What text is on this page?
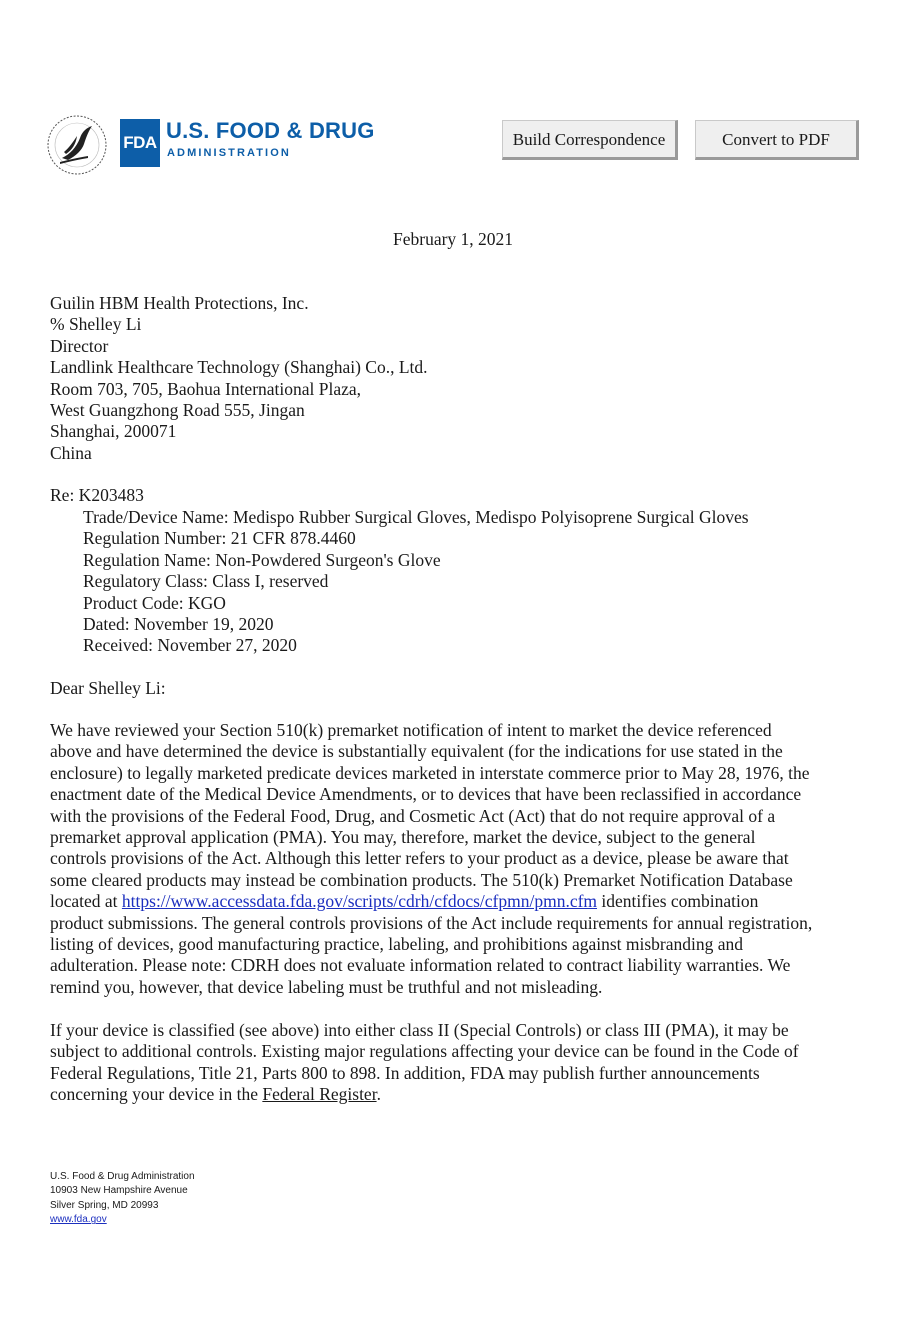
FDA U.S. FOOD & DRUG
ADMINISTRATION
Build Correspondence	Convert to PDF
February 1, 2021
Guilin HBM Health Protections, Inc.
% Shelley Li
Director
Landlink Healthcare Technology (Shanghai) Co., Ltd.
Room 703, 705, Baohua International Plaza,
West Guangzhong Road 555, Jingan
Shanghai, 200071
China
Re: K203483
Trade/Device Name: Medispo Rubber Surgical Gloves, Medispo Polyisoprene Surgical Gloves
Regulation Number: 21 CFR 878.4460
Regulation Name: Non-Powdered Surgeon's Glove
Regulatory Class: Class I, reserved
Product Code: KGO
Dated: November 19, 2020
Received: November 27, 2020
Dear Shelley Li:
We have reviewed your Section 510(k) premarket notification of intent to market the device referenced
above and have determined the device is substantially equivalent (for the indications for use stated in the
enclosure) to legally marketed predicate devices marketed in interstate commerce prior to May 28, 1976, the
enactment date of the Medical Device Amendments, or to devices that have been reclassified in accordance
with the provisions of the Federal Food, Drug, and Cosmetic Act (Act) that do not require approval of a
premarket approval application (PMA). You may, therefore, market the device, subject to the general
controls provisions of the Act. Although this letter refers to your product as a device, please be aware that
some cleared products may instead be combination products. The 510(k) Premarket Notification Database
located at https://www.accessdata.fda.gov/scripts/cdrh/cfdocs/cfpmn/pmn.cfm identifies combination
product submissions. The general controls provisions of the Act include requirements for annual registration,
listing of devices, good manufacturing practice, labeling, and prohibitions against misbranding and
adulteration. Please note: CDRH does not evaluate information related to contract liability warranties. We
remind you, however, that device labeling must be truthful and not misleading.
If your device is classified (see above) into either class II (Special Controls) or class III (PMA), it may be
subject to additional controls. Existing major regulations affecting your device can be found in the Code of
Federal Regulations, Title 21, Parts 800 to 898. In addition, FDA may publish further announcements
concerning your device in the Federal Register.
U.S. Food & Drug Administration
10903 New Hampshire Avenue
Silver Spring, MD 20993
www.fda.gov
